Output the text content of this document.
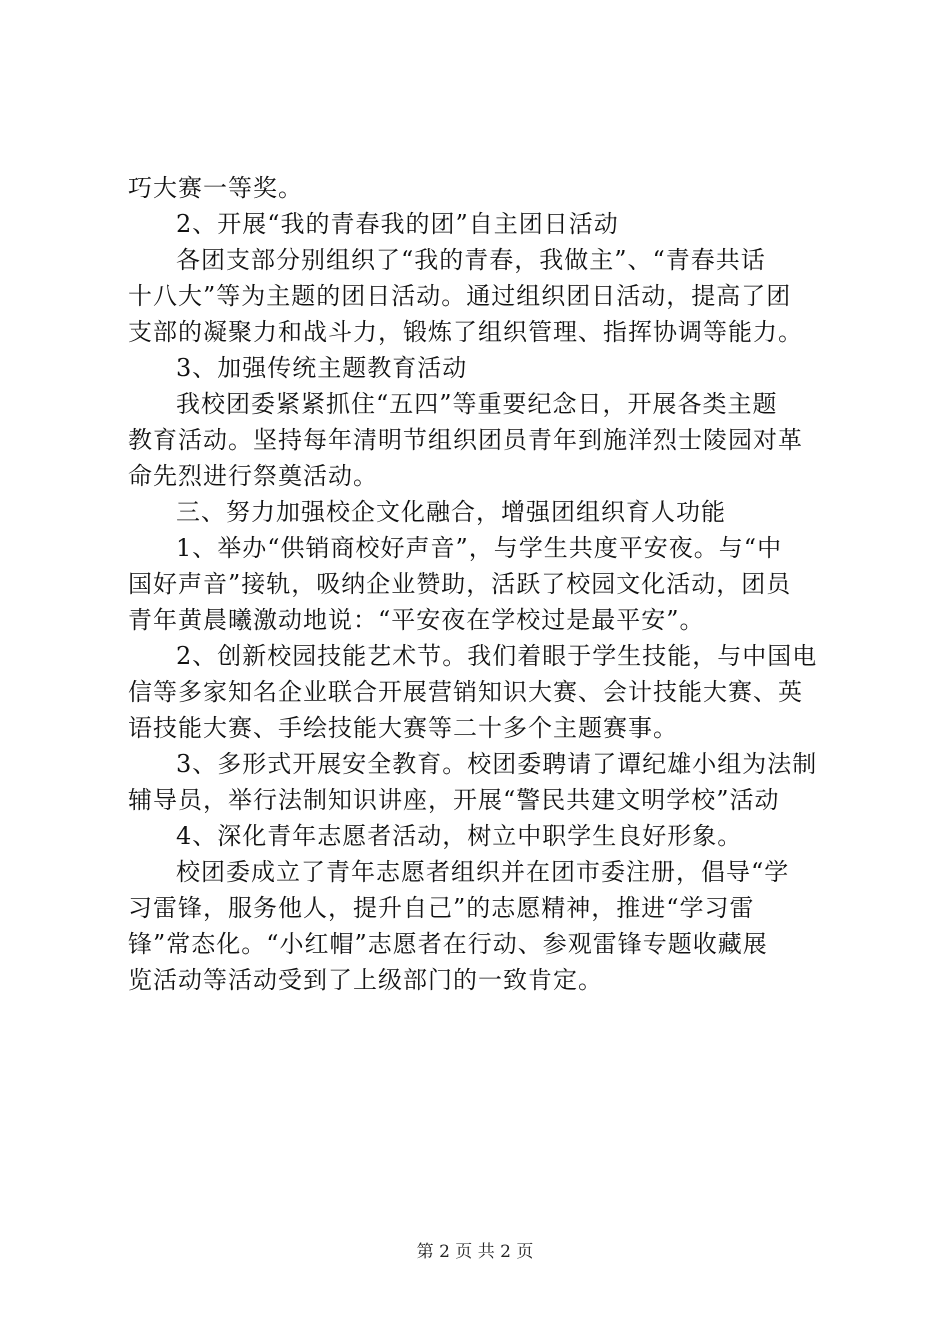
巧大赛一等奖。
2、开展“我的青春我的团”自主团日活动
各团支部分别组织了“我的青春，我做主”、“青春共话
十八大”等为主题的团日活动。通过组织团日活动，提高了团
支部的凝聚力和战斗力，锻炼了组织管理、指挥协调等能力。
3、加强传统主题教育活动
我校团委紧紧抓住“五四”等重要纪念日，开展各类主题
教育活动。坚持每年清明节组织团员青年到施洋烈士陵园对革
命先烈进行祭奠活动。
三、努力加强校企文化融合，增强团组织育人功能
1、举办“供销商校好声音”，与学生共度平安夜。与“中
国好声音”接轨，吸纳企业赞助，活跃了校园文化活动，团员
青年黄晨曦激动地说：“平安夜在学校过是最平安”。
2、创新校园技能艺术节。我们着眼于学生技能，与中国电
信等多家知名企业联合开展营销知识大赛、会计技能大赛、英
语技能大赛、手绘技能大赛等二十多个主题赛事。
3、多形式开展安全教育。校团委聘请了谭纪雄小组为法制
辅导员，举行法制知识讲座，开展“警民共建文明学校”活动
4、深化青年志愿者活动，树立中职学生良好形象。
校团委成立了青年志愿者组织并在团市委注册，倡导“学
习雷锋，服务他人，提升自己”的志愿精神，推进“学习雷
锋”常态化。“小红帽”志愿者在行动、参观雷锋专题收藏展
览活动等活动受到了上级部门的一致肯定。
第 2 页 共 2 页
